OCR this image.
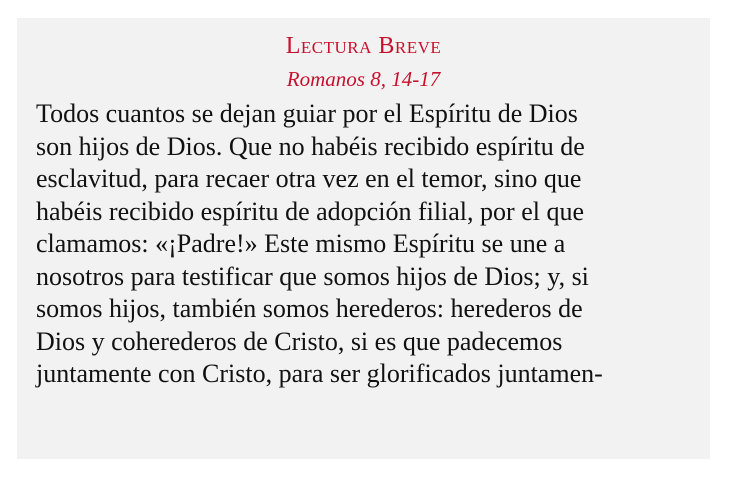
Lectura Breve
Romanos 8, 14-17

Todos cuantos se dejan guiar por el Espíritu de Dios
son hijos de Dios. Que no habéis recibido espíritu de
esclavitud, para recaer otra vez en el temor, sino que
habéis recibido espíritu de adopción filial, por el que
clamamos: «¡Padre!» Este mismo Espíritu se une a
nosotros para testificar que somos hijos de Dios; y, si
somos hijos, también somos herederos: herederos de
Dios y coherederos de Cristo, si es que padecemos
juntamente con Cristo, para ser glorificados juntamen-
